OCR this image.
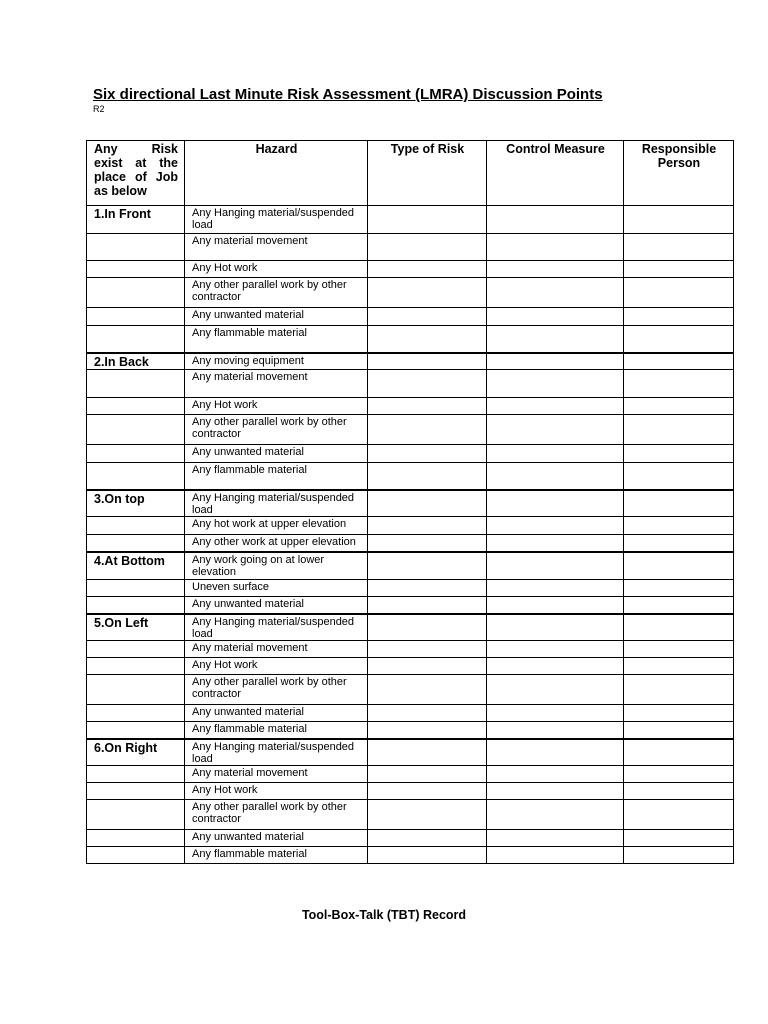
Six directional Last Minute Risk Assessment (LMRA) Discussion Points
R2
Any Risk exist at the place of Job as below	Hazard	Type of Risk	Control Measure	Responsible Person
1.In Front	Any Hanging material/suspended load			
	Any material movement			
	Any Hot work			
	Any other parallel work by other contractor			
	Any unwanted material			
	Any flammable material			
2.In Back	Any moving equipment			
	Any material movement			
	Any Hot work			
	Any other parallel work by other contractor			
	Any unwanted material			
	Any flammable material			
3.On top	Any Hanging material/suspended load			
	Any hot work at upper elevation			
	Any other work at upper elevation			
4.At Bottom	Any work going on at lower elevation			
	Uneven surface			
	Any unwanted material			
5.On Left	Any Hanging material/suspended load			
	Any material movement			
	Any Hot work			
	Any other parallel work by other contractor			
	Any unwanted material			
	Any flammable material			
6.On Right	Any Hanging material/suspended load			
	Any material movement			
	Any Hot work			
	Any other parallel work by other contractor			
	Any unwanted material			
	Any flammable material			
Tool-Box-Talk (TBT) Record
